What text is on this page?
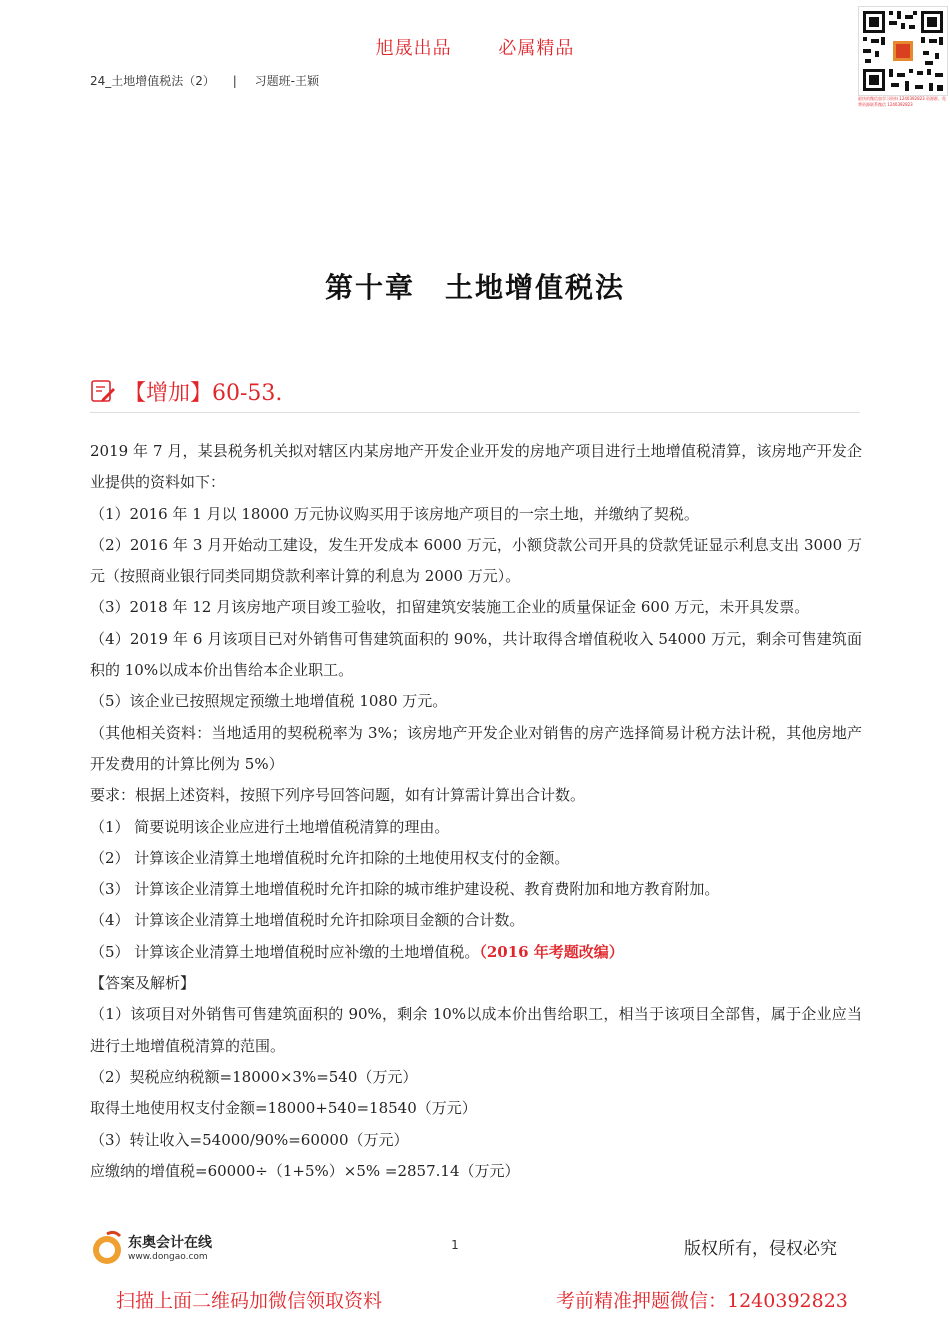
旭晟出品	必属精品
24_土地增值税法（2） | 习题班-王颖
最快的微信加学习资料 1240392823 资源群，免费资源联系微信 1240392823
第十章 土地增值税法
【增加】60-53.

2019 年 7 月，某县税务机关拟对辖区内某房地产开发企业开发的房地产项目进行土地增值税清算，该房地产开发企业提供的资料如下：

（1）2016 年 1 月以 18000 万元协议购买用于该房地产项目的一宗土地，并缴纳了契税。

（2）2016 年 3 月开始动工建设，发生开发成本 6000 万元，小额贷款公司开具的贷款凭证显示利息支出 3000 万元（按照商业银行同类同期贷款利率计算的利息为 2000 万元）。

（3）2018 年 12 月该房地产项目竣工验收，扣留建筑安装施工企业的质量保证金 600 万元，未开具发票。

（4）2019 年 6 月该项目已对外销售可售建筑面积的 90%，共计取得含增值税收入 54000 万元，剩余可售建筑面积的 10%以成本价出售给本企业职工。

（5）该企业已按照规定预缴土地增值税 1080 万元。

（其他相关资料：当地适用的契税税率为 3%；该房地产开发企业对销售的房产选择简易计税方法计税，其他房地产开发费用的计算比例为 5%）

要求：根据上述资料，按照下列序号回答问题，如有计算需计算出合计数。

（1） 简要说明该企业应进行土地增值税清算的理由。

（2） 计算该企业清算土地增值税时允许扣除的土地使用权支付的金额。

（3） 计算该企业清算土地增值税时允许扣除的城市维护建设税、教育费附加和地方教育附加。

（4） 计算该企业清算土地增值税时允许扣除项目金额的合计数。

（5） 计算该企业清算土地增值税时应补缴的土地增值税。（2016 年考题改编）

【答案及解析】

（1）该项目对外销售可售建筑面积的 90%，剩余 10%以成本价出售给职工，相当于该项目全部售，属于企业应当进行土地增值税清算的范围。

（2）契税应纳税额=18000×3%=540（万元）

取得土地使用权支付金额=18000+540=18540（万元）

（3）转让收入=54000/90%=60000（万元）

应缴纳的增值税=60000÷（1+5%）×5% =2857.14（万元）

东奥会计在线
www.dongao.com
1	版权所有，侵权必究
扫描上面二维码加微信领取资料	考前精准押题微信：1240392823
